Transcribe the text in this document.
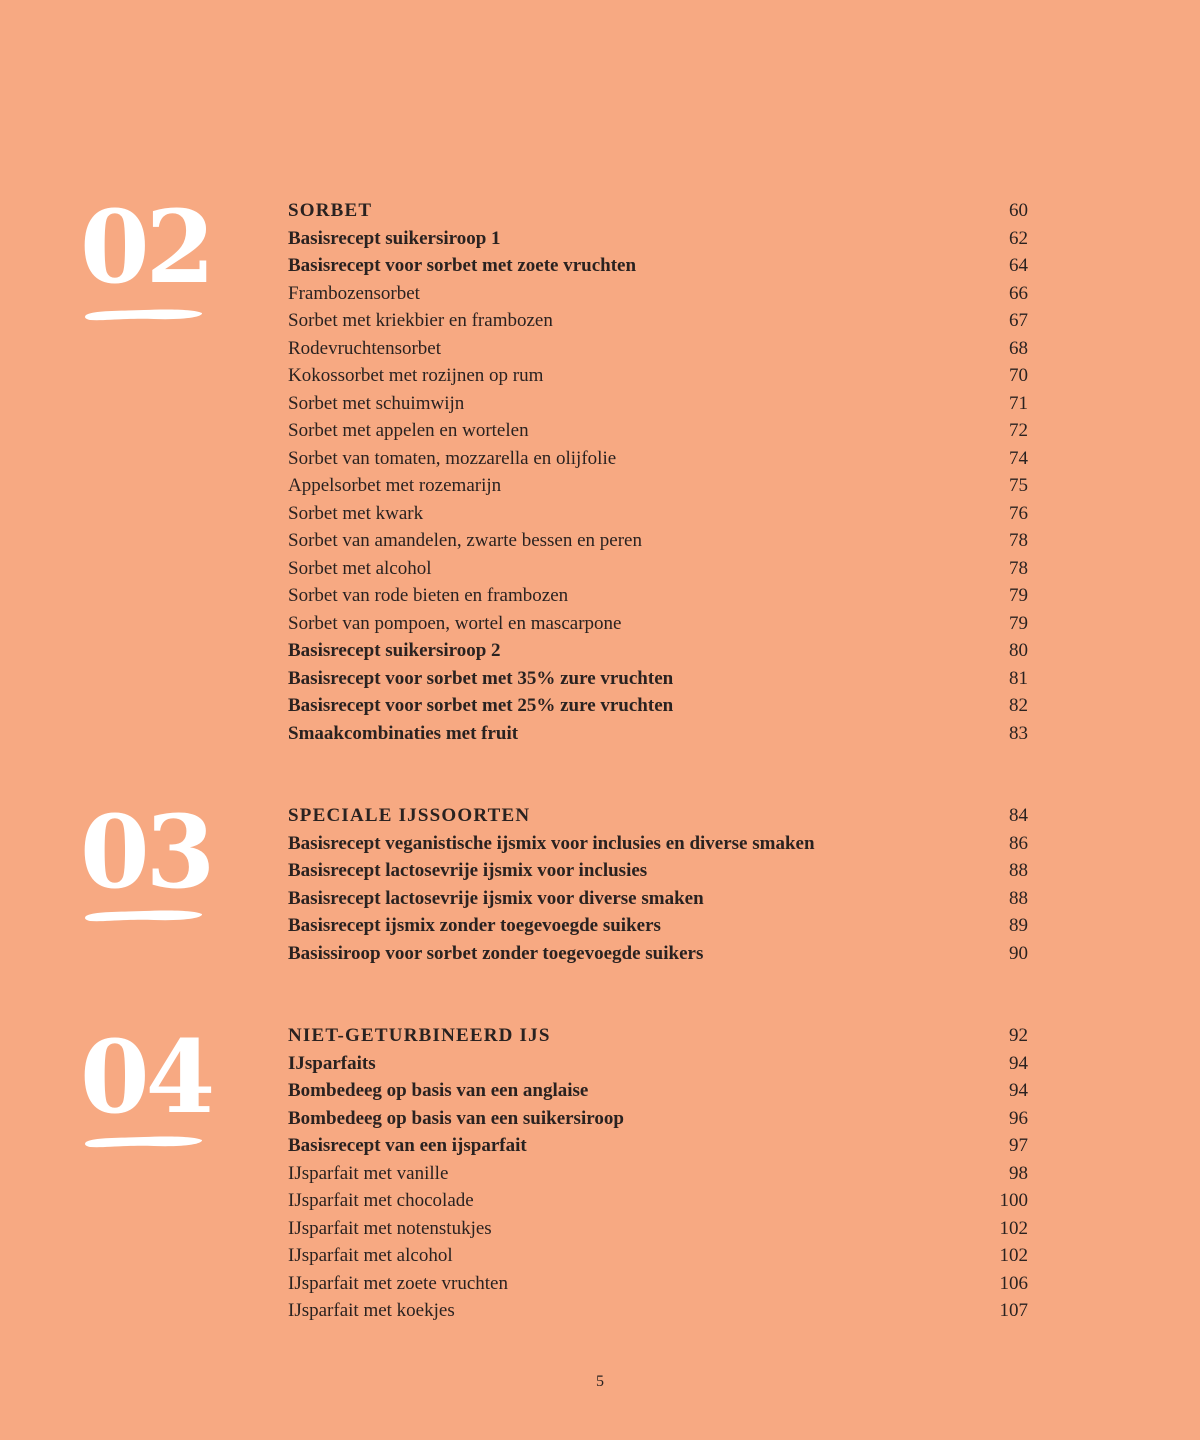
02	SORBET	60
Basisrecept suikersiroop 1	62
Basisrecept voor sorbet met zoete vruchten	64
Frambozensorbet	66
Sorbet met kriekbier en frambozen	67
Rodevruchtensorbet	68
Kokossorbet met rozijnen op rum	70
Sorbet met schuimwijn	71
Sorbet met appelen en wortelen	72
Sorbet van tomaten, mozzarella en olijfolie	74
Appelsorbet met rozemarijn	75
Sorbet met kwark	76
Sorbet van amandelen, zwarte bessen en peren	78
Sorbet met alcohol	78
Sorbet van rode bieten en frambozen	79
Sorbet van pompoen, wortel en mascarpone	79
Basisrecept suikersiroop 2	80
Basisrecept voor sorbet met 35% zure vruchten	81
Basisrecept voor sorbet met 25% zure vruchten	82
Smaakcombinaties met fruit	83
03	SPECIALE IJSSOORTEN	84
Basisrecept veganistische ijsmix voor inclusies en diverse smaken	86
Basisrecept lactosevrije ijsmix voor inclusies	88
Basisrecept lactosevrije ijsmix voor diverse smaken	88
Basisrecept ijsmix zonder toegevoegde suikers	89
Basissiroop voor sorbet zonder toegevoegde suikers	90
04	NIET-GETURBINEERD IJS	92
IJsparfaits	94
Bombedeeg op basis van een anglaise	94
Bombedeeg op basis van een suikersiroop	96
Basisrecept van een ijsparfait	97
IJsparfait met vanille	98
IJsparfait met chocolade	100
IJsparfait met notenstukjes	102
IJsparfait met alcohol	102
IJsparfait met zoete vruchten	106
IJsparfait met koekjes	107
5
